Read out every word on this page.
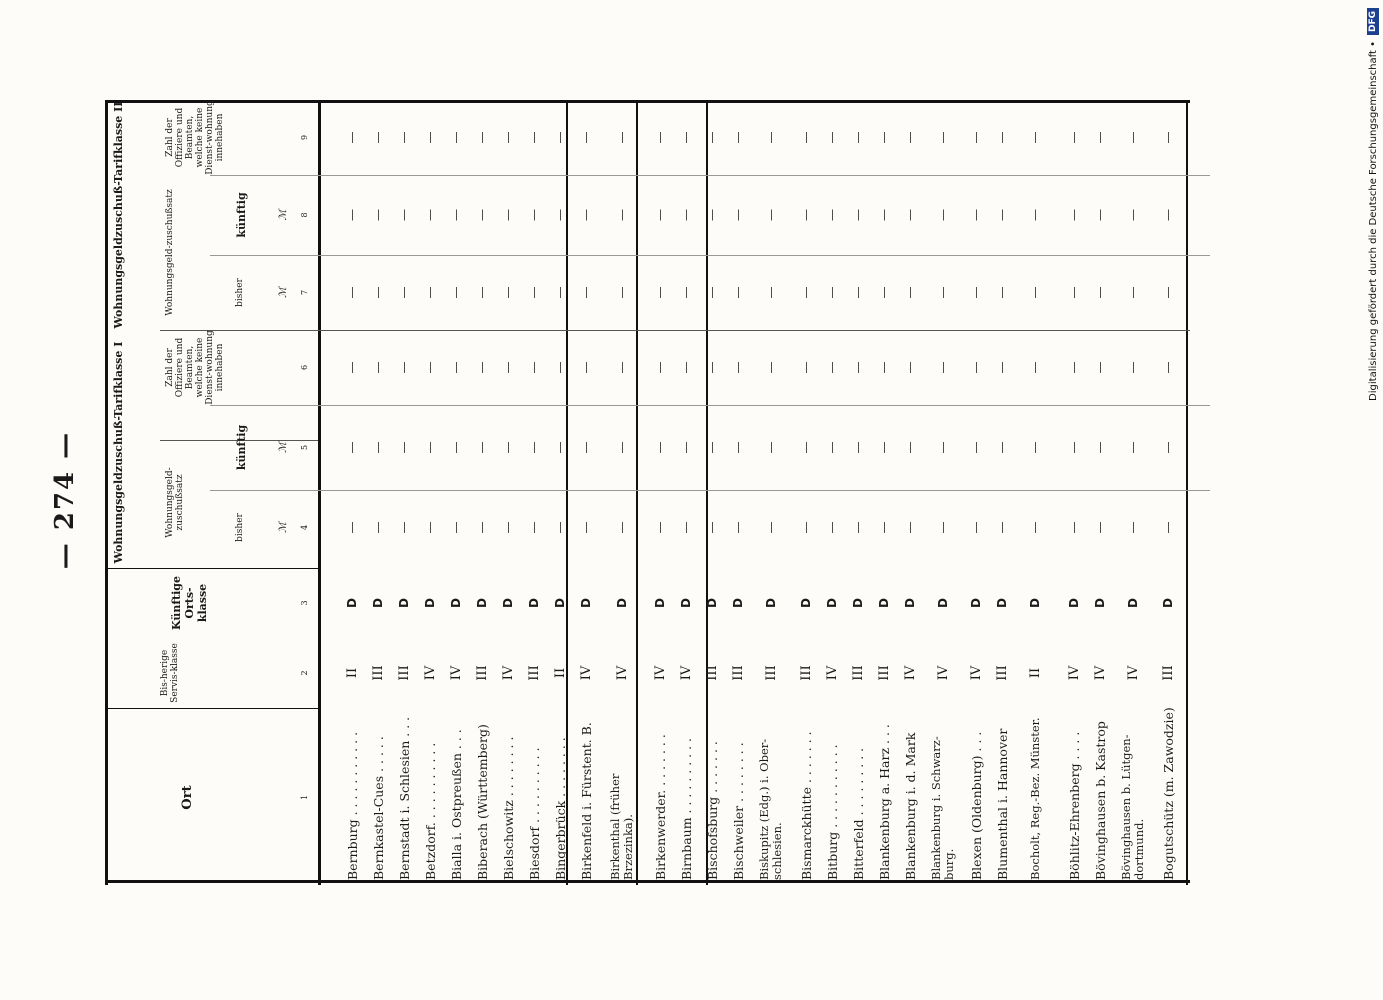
— 274 —
Digitalisierung gefördert durch die Deutsche Forschungsgemeinschaft •
DFG
Ort
Bis-herige Servis-klasse
Künftige Orts-klasse
Wohnungsgeldzuschuß-Tarifklasse I
Wohnungsgeldzuschuß-Tarifklasse II
Wohnungsgeld-zuschußsatz	bisher
künftig
Zahl der Offiziere und Beamten, welche keine Dienst-wohnung innehaben
Wohnungsgeld-zuschußsatz	bisher
künftig
Zahl der Offiziere und Beamten, welche keine Dienst-wohnung innehaben
1
2
3
4
5
6
7
8
9
ℳ
ℳ
ℳ
ℳ
Bernburg . . . . . . . . . . .
II
D
—
—
—
—
—
—
Bernkastel-Cues . . . . .
III
D
—
—
—
—
—
—
Bernstadt i. Schlesien . . .
III
D
—
—
—
—
—
—
Betzdorf. . . . . . . . . . .
IV
D
—
—
—
—
—
—
Bialla i. Ostpreußen . . .
IV
D
—
—
—
—
—
—
Biberach (Württemberg)
III
D
—
—
—
—
—
—
Bielschowitz . . . . . . . .
IV
D
—
—
—
—
—
—
Biesdorf . . . . . . . . . .
III
D
—
—
—
—
—
—
Bingerbrück . . . . . . . .
II
D
—
—
—
—
—
—
Birkenfeld i. Fürstent. B.
IV
D
—
—
—
—
—
—
Birkenthal (früher Brzezinka).
IV
D
—
—
—
—
—
—
Birkenwerder. . . . . . . .
IV
D
—
—
—
—
—
—
Birnbaum . . . . . . . . . .
IV
D
—
—
—
—
—
—
Bischofsburg . . . . . . .
III
D
—
—
—
—
—
—
Bischweiler . . . . . . . .
III
D
—
—
—
—
—
—
Biskupitz (Edg.) i. Ober-schlesien.
III
D
—
—
—
—
—
—
Bismarckhütte . . . . . . .
III
D
—
—
—
—
—
—
Bitburg . . . . . . . . . . .
IV
D
—
—
—
—
—
—
Bitterfeld . . . . . . . . .
III
D
—
—
—
—
—
—
Blankenburg a. Harz . . .
III
D
—
—
—
—
—
—
Blankenburg i. d. Mark
IV
D
—
—
—
—
—
—
Blankenburg i. Schwarz-burg.
IV
D
—
—
—
—
—
—
Blexen (Oldenburg) . . .
IV
D
—
—
—
—
—
—
Blumenthal i. Hannover
III
D
—
—
—
—
—
—
Bocholt, Reg.-Bez. Münster.
II
D
—
—
—
—
—
—
Böhlitz-Ehrenberg . . . .
IV
D
—
—
—
—
—
—
Bövinghausen b. Kastrop
IV
D
—
—
—
—
—
—
Bövinghausen b. Lütgen-dortmund.
IV
D
—
—
—
—
—
—
Bogutschütz (m. Zawodzie)
III
D
—
—
—
—
—
—
